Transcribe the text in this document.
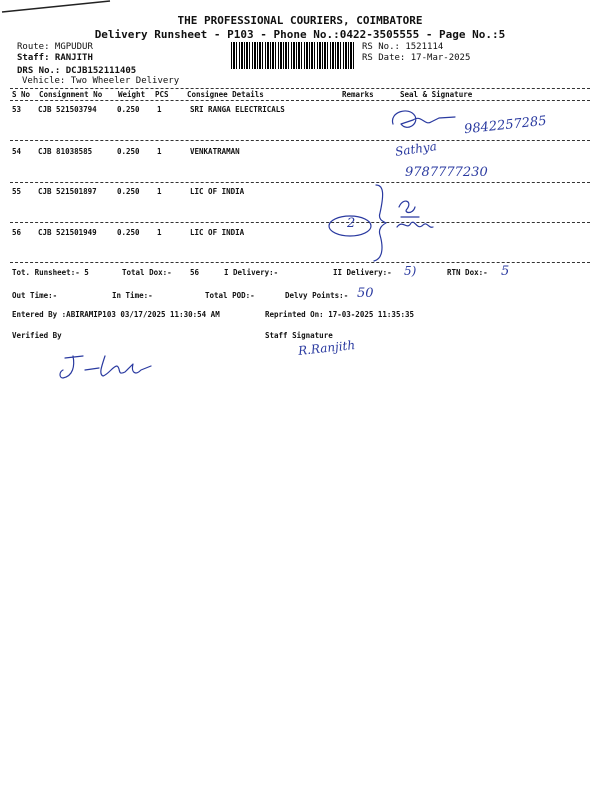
THE PROFESSIONAL COURIERS, COIMBATORE
Delivery Runsheet - P103 - Phone No.:0422-3505555 - Page No.:5
Route: MGPUDUR
Staff: RANJITH
DRS No.: DCJB152111405
Vehicle: Two Wheeler Delivery
RS No.: 1521114
RS Date: 17-Mar-2025
S No Consignment No Weight PCS Consignee Details	Remarks	Seal & Signature
53 CJB 521503794	0.250 1	SRI RANGA ELECTRICALS
54 CJB 81038585	0.250 1	VENKATRAMAN
55 CJB 521501897	0.250 1	LIC OF INDIA
56 CJB 521501949	0.250 1	LIC OF INDIA
9842257285
Sathya
9787777230
2
Tot. Runsheet:- 5	Total Dox:- 56	I Delivery:-	II Delivery:- 5)	RTN Dox:- 5
Out Time:-	In Time:-	Total POD:-	Delvy Points:- 50
Entered By :ABIRAMIP103 03/17/2025 11:30:54 AM	Reprinted On: 17-03-2025 11:35:35
Verified By	Staff Signature
R.Ranjith
